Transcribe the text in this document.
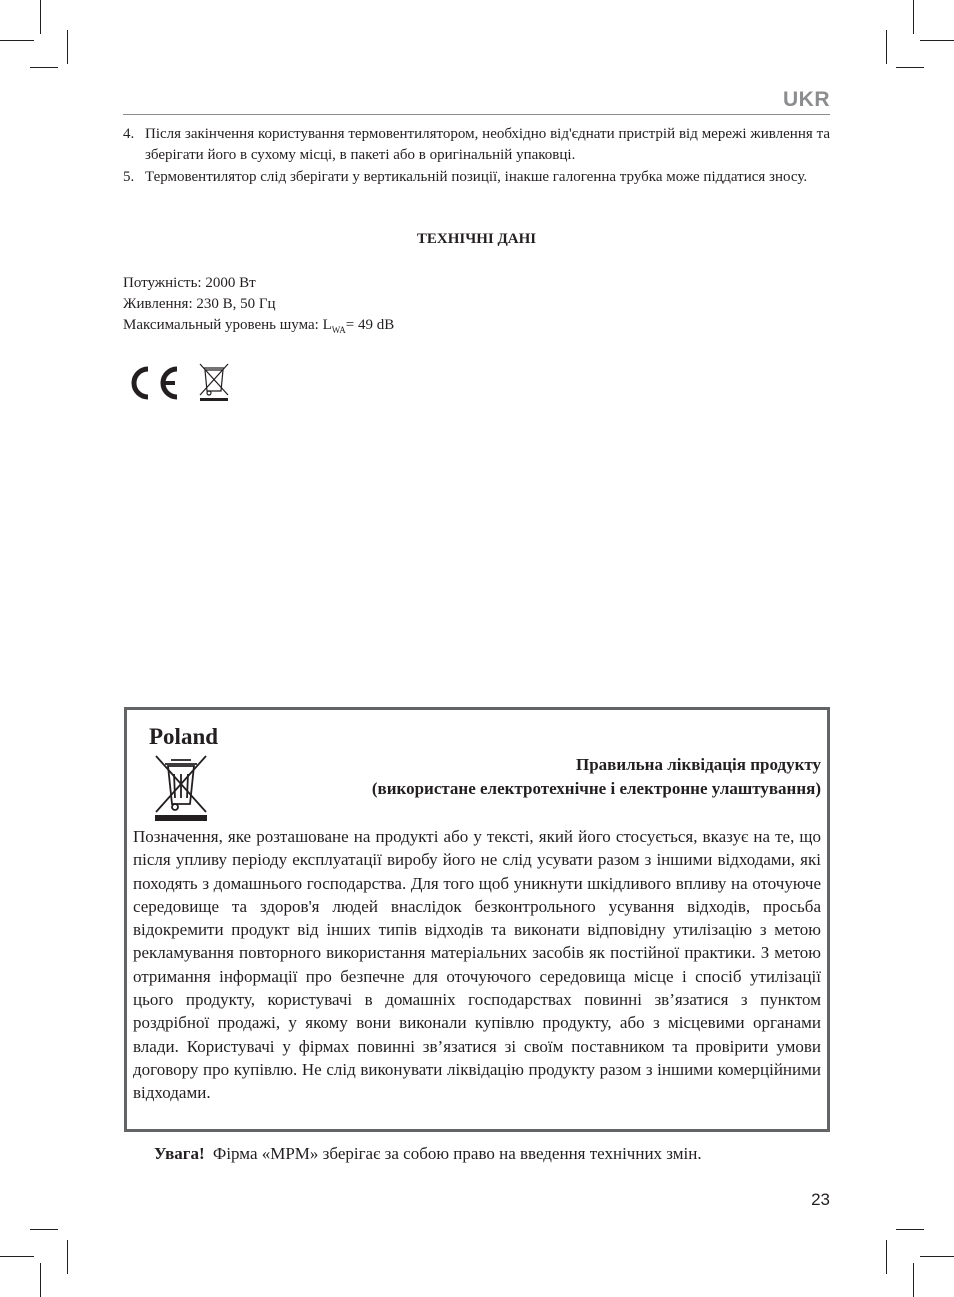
UKR
4. Після закінчення користування термовентилятором, необхідно від'єднати пристрій від мережі живлення та зберігати його в сухому місці, в пакеті або в оригінальній упаковці.
5. Термовентилятор слід зберігати у вертикальній позиції, інакше галогенна трубка може піддатися зносу.
ТЕХНІЧНІ ДАНІ
Потужність: 2000 Вт
Живлення: 230 В, 50 Гц
Максимальный уровень шума: $L_{WA}= 49$ dB
Poland
Правильна ліквідація продукту
(використане електротехнічне і електронне улаштування)
Позначення, яке розташоване на продукті або у тексті, який його стосується, вказує на те, що після упливу періоду експлуатації виробу його не слід усувати разом з іншими відходами, які походять з домашнього господарства. Для того щоб уникнути шкідливого впливу на оточуюче середовище та здоров'я людей внаслідок безконтрольного усування відходів, просьба відокремити продукт від інших типів відходів та виконати відповідну утилізацію з метою рекламування повторного використання матеріальних засобів як постійної практики. З метою отримання інформації про безпечне для оточуючого середовища місце і спосіб утилізації цього продукту, користувачі в домашніх господарствах повинні зв’язатися з пунктом роздрібної продажі, у якому вони виконали купівлю продукту, або з місцевими органами влади. Користувачі у фірмах повинні зв’язатися зі своїм поставником та провірити умови договору про купівлю. Не слід виконувати ліквідацію продукту разом з іншими комерційними відходами.
Увага! Фірма «MPM» зберігає за собою право на введення технічних змін.
23
